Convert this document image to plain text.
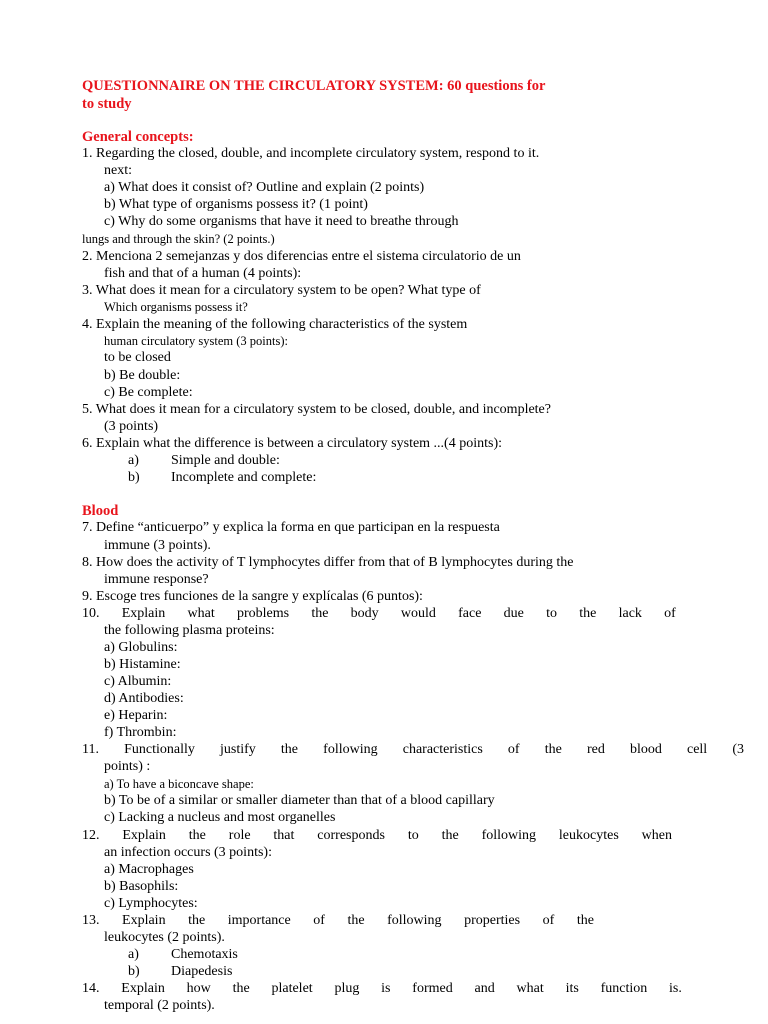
QUESTIONNAIRE ON THE CIRCULATORY SYSTEM: 60 questions for
to study
General concepts:
1. Regarding the closed, double, and incomplete circulatory system, respond to it.
next:
a) What does it consist of? Outline and explain (2 points)
b) What type of organisms possess it? (1 point)
c) Why do some organisms that have it need to breathe through
lungs and through the skin? (2 points.)
2. Menciona 2 semejanzas y dos diferencias entre el sistema circulatorio de un
fish and that of a human (4 points):
3. What does it mean for a circulatory system to be open? What type of
Which organisms possess it?
4. Explain the meaning of the following characteristics of the system
human circulatory system (3 points):
to be closed
b) Be double:
c) Be complete:
5. What does it mean for a circulatory system to be closed, double, and incomplete?
(3 points)
6. Explain what the difference is between a circulatory system ...(4 points):
a) Simple and double:
b) Incomplete and complete:
Blood
7. Define “anticuerpo” y explica la forma en que participan en la respuesta
immune (3 points).
8. How does the activity of T lymphocytes differ from that of B lymphocytes during the
immune response?
9. Escoge tres funciones de la sangre y explícalas (6 puntos):
10. Explain what problems the body would face due to the lack of
the following plasma proteins:
a) Globulins:
b) Histamine:
c) Albumin:
d) Antibodies:
e) Heparin:
f) Thrombin:
11. Functionally justify the following characteristics of the red blood cell (3
points) :
a) To have a biconcave shape:
b) To be of a similar or smaller diameter than that of a blood capillary
c) Lacking a nucleus and most organelles
12. Explain the role that corresponds to the following leukocytes when
an infection occurs (3 points):
a) Macrophages
b) Basophils:
c) Lymphocytes:
13. Explain the importance of the following properties of the
leukocytes (2 points).
a) Chemotaxis
b) Diapedesis
14. Explain how the platelet plug is formed and what its function is.
temporal (2 points).
